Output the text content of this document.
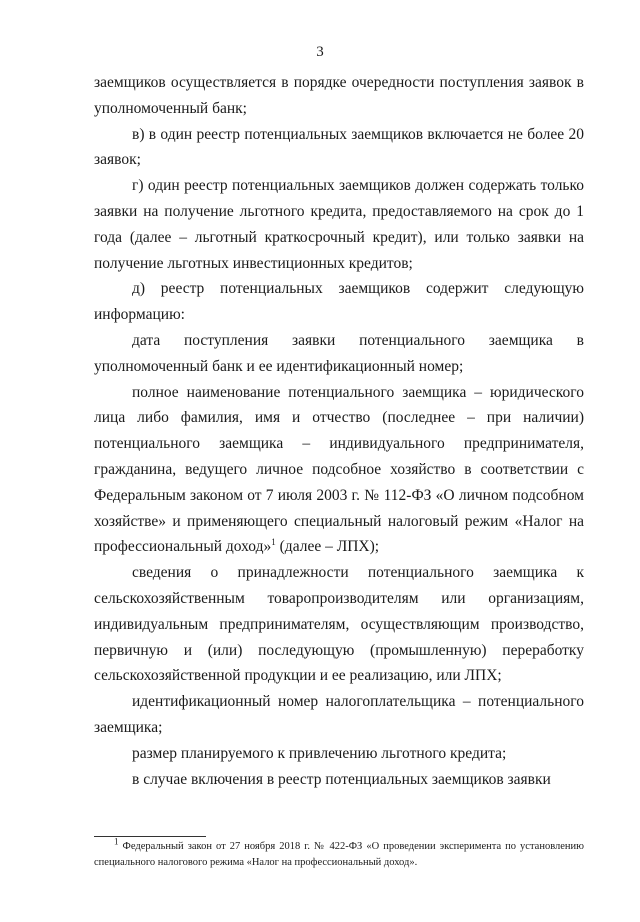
3

заемщиков осуществляется в порядке очередности поступления заявок в уполномоченный банк;

в) в один реестр потенциальных заемщиков включается не более 20 заявок;

г) один реестр потенциальных заемщиков должен содержать только заявки на получение льготного кредита, предоставляемого на срок до 1 года (далее – льготный краткосрочный кредит), или только заявки на получение льготных инвестиционных кредитов;

д) реестр потенциальных заемщиков содержит следующую информацию:

дата поступления заявки потенциального заемщика в уполномоченный банк и ее идентификационный номер;

полное наименование потенциального заемщика – юридического лица либо фамилия, имя и отчество (последнее – при наличии) потенциального заемщика – индивидуального предпринимателя, гражданина, ведущего личное подсобное хозяйство в соответствии с Федеральным законом от 7 июля 2003 г. № 112-ФЗ «О личном подсобном хозяйстве» и применяющего специальный налоговый режим «Налог на профессиональный доход»$^1$ (далее – ЛПХ);

сведения о принадлежности потенциального заемщика к сельскохозяйственным товаропроизводителям или организациям, индивидуальным предпринимателям, осуществляющим производство, первичную и (или) последующую (промышленную) переработку сельскохозяйственной продукции и ее реализацию, или ЛПХ;

идентификационный номер налогоплательщика – потенциального заемщика;

размер планируемого к привлечению льготного кредита;

в случае включения в реестр потенциальных заемщиков заявки

$^1$ Федеральный закон от 27 ноября 2018 г. № 422-ФЗ «О проведении эксперимента по установлению специального налогового режима «Налог на профессиональный доход».
